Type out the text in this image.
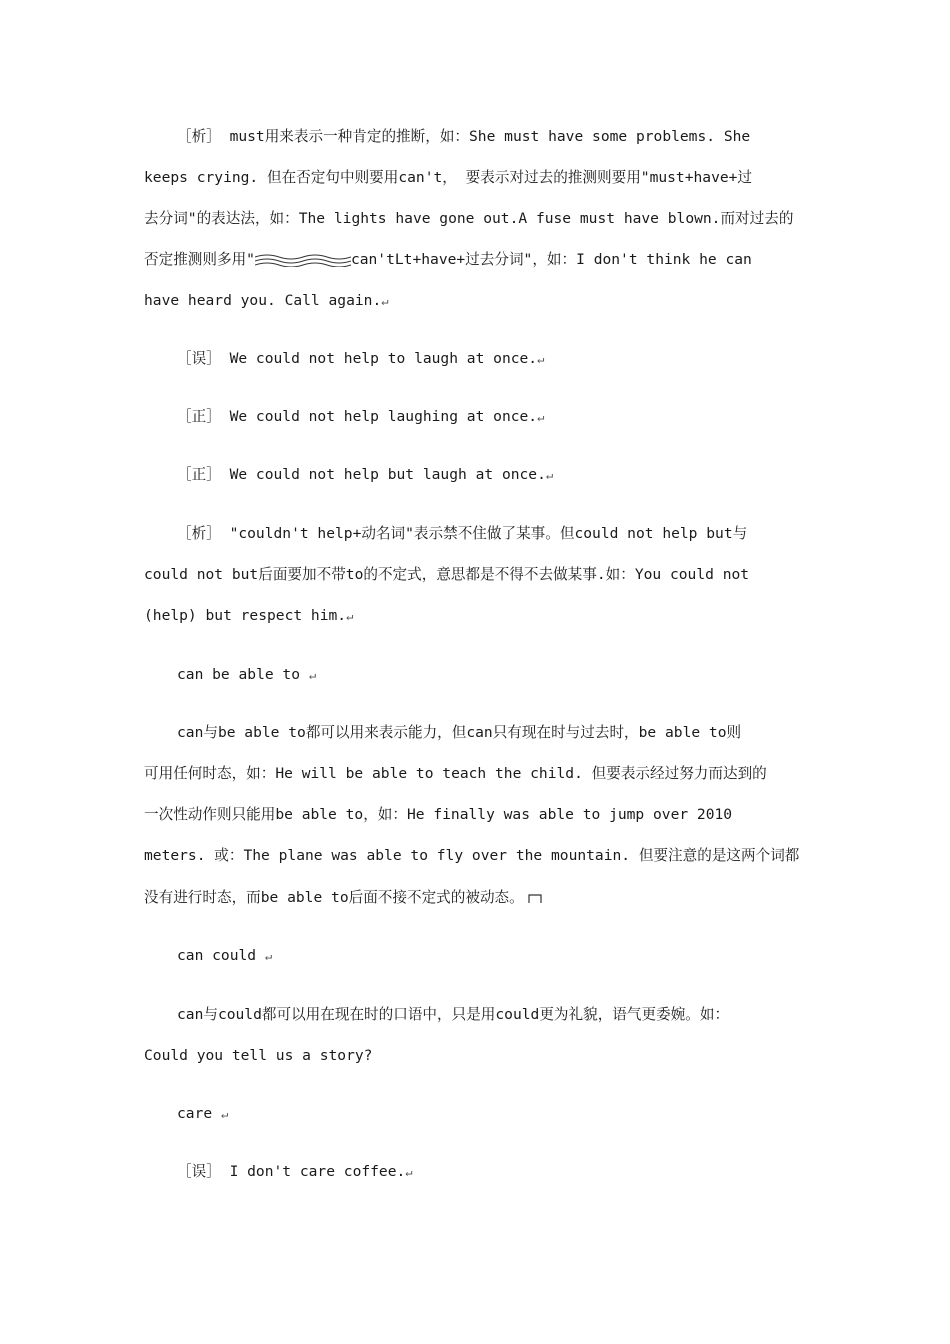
［析］ must用来表示一种肯定的推断，如：She must have some problems. She
keeps crying. 但在否定句中则要用can't， 要表示对过去的推测则要用"must+have+过
去分词"的表达法，如：The lights have gone out.A fuse must have blown.而对过去的
否定推测则多用"	can'tLt+have+过去分词"，如：I don't think he can
have heard you. Call again.↵
［误］ We could not help to laugh at once.↵
［正］ We could not help laughing at once.↵
［正］ We could not help but laugh at once.↵
［析］ "couldn't help+动名词"表示禁不住做了某事。但could not help but与
could not but后面要加不带to的不定式，意思都是不得不去做某事.如：You could not
(help) but respect him.↵
can be able to ↵
can与be able to都可以用来表示能力，但can只有现在时与过去时，be able to则
可用任何时态，如：He will be able to teach the child. 但要表示经过努力而达到的
一次性动作则只能用be able to，如：He finally was able to jump over 2010
meters. 或：The plane was able to fly over the mountain. 但要注意的是这两个词都
没有进行时态，而be able to后面不接不定式的被动态。
can could ↵
can与could都可以用在现在时的口语中，只是用could更为礼貌，语气更委婉。如：
Could you tell us a story?
care ↵
［误］ I don't care coffee.↵
